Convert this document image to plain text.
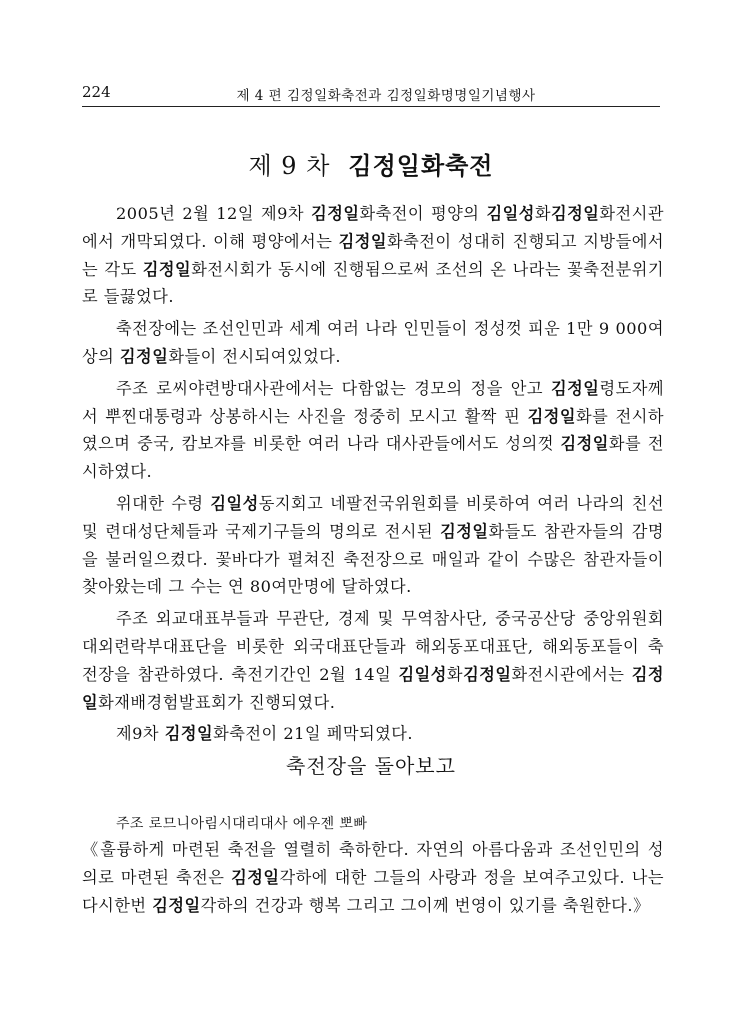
224	제 4 편 김정일화축전과 김정일화명명일기념행사
제 9 차 김정일화축전

2005년 2월 12일 제9차 김정일화축전이 평양의 김일성화김정일화전시관에서 개막되였다. 이해 평양에서는 김정일화축전이 성대히 진행되고 지방들에서는 각도 김정일화전시회가 동시에 진행됨으로써 조선의 온 나라는 꽃축전분위기로 들끓었다.

축전장에는 조선인민과 세계 여러 나라 인민들이 정성껏 피운 1만 9 000여상의 김정일화들이 전시되여있었다.

주조 로씨야련방대사관에서는 다함없는 경모의 정을 안고 김정일령도자께서 뿌찐대통령과 상봉하시는 사진을 정중히 모시고 활짝 핀 김정일화를 전시하였으며 중국, 캄보쟈를 비롯한 여러 나라 대사관들에서도 성의껏 김정일화를 전시하였다.

위대한 수령 김일성동지회고 네팔전국위원회를 비롯하여 여러 나라의 친선 및 련대성단체들과 국제기구들의 명의로 전시된 김정일화들도 참관자들의 감명을 불러일으켰다. 꽃바다가 펼쳐진 축전장으로 매일과 같이 수많은 참관자들이 찾아왔는데 그 수는 연 80여만명에 달하였다.

주조 외교대표부들과 무관단, 경제 및 무역참사단, 중국공산당 중앙위원회 대외련락부대표단을 비롯한 외국대표단들과 해외동포대표단, 해외동포들이 축전장을 참관하였다. 축전기간인 2월 14일 김일성화김정일화전시관에서는 김정일화재배경험발표회가 진행되였다.

제9차 김정일화축전이 21일 페막되였다.

축전장을 돌아보고
주조 로므니아림시대리대사 에우젠 뽀빠

《훌륭하게 마련된 축전을 열렬히 축하한다. 자연의 아름다움과 조선인민의 성의로 마련된 축전은 김정일각하에 대한 그들의 사랑과 정을 보여주고있다. 나는 다시한번 김정일각하의 건강과 행복 그리고 그이께 번영이 있기를 축원한다.》
